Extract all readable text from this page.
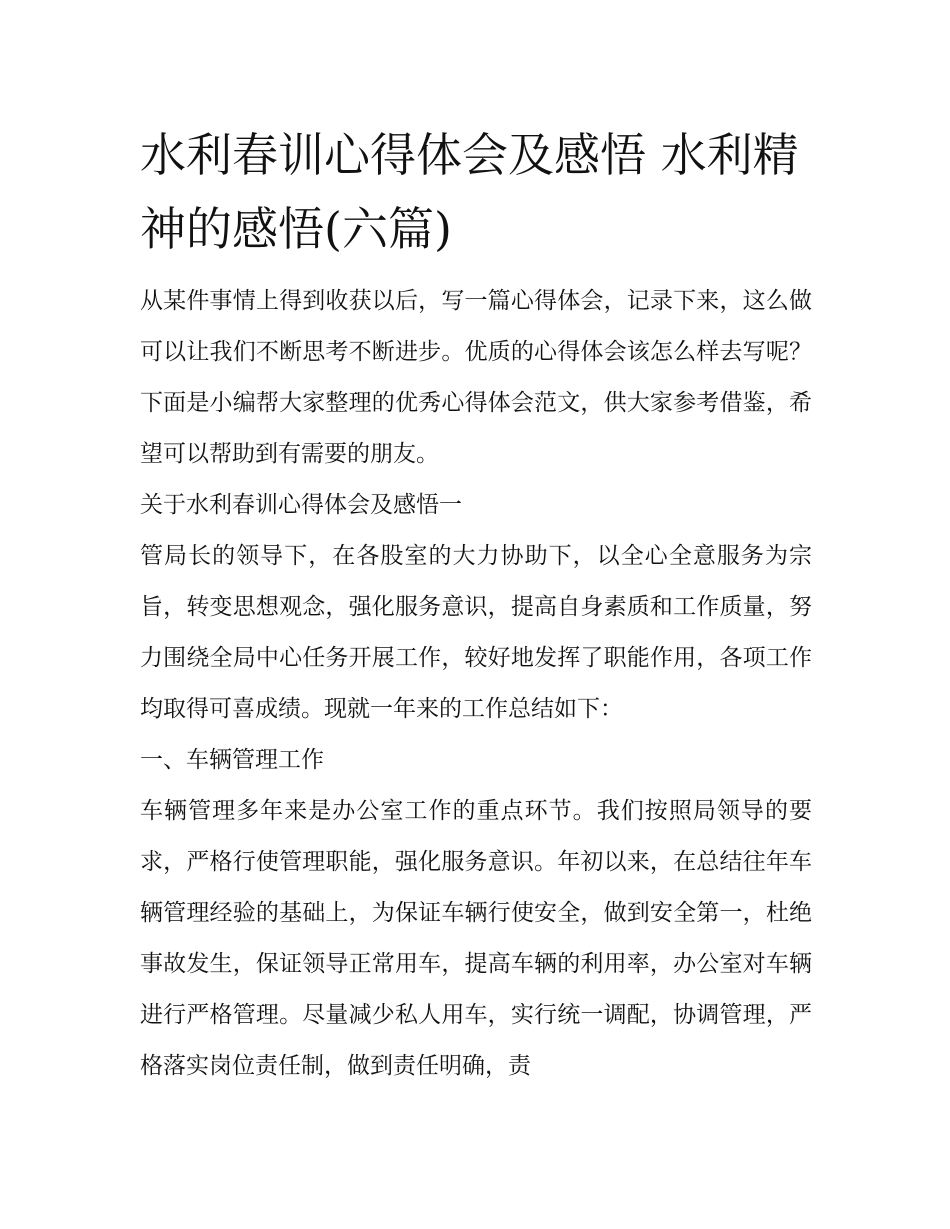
水利春训心得体会及感悟 水利精神的感悟(六篇)

从某件事情上得到收获以后，写一篇心得体会，记录下来，这么做可以让我们不断思考不断进步。优质的心得体会该怎么样去写呢？下面是小编帮大家整理的优秀心得体会范文，供大家参考借鉴，希望可以帮助到有需要的朋友。

关于水利春训心得体会及感悟一

管局长的领导下，在各股室的大力协助下，以全心全意服务为宗旨，转变思想观念，强化服务意识，提高自身素质和工作质量，努力围绕全局中心任务开展工作，较好地发挥了职能作用，各项工作均取得可喜成绩。现就一年来的工作总结如下：

一、车辆管理工作

车辆管理多年来是办公室工作的重点环节。我们按照局领导的要求，严格行使管理职能，强化服务意识。年初以来，在总结往年车辆管理经验的基础上，为保证车辆行使安全，做到安全第一，杜绝事故发生，保证领导正常用车，提高车辆的利用率，办公室对车辆进行严格管理。尽量减少私人用车，实行统一调配，协调管理，严格落实岗位责任制，做到责任明确，责
